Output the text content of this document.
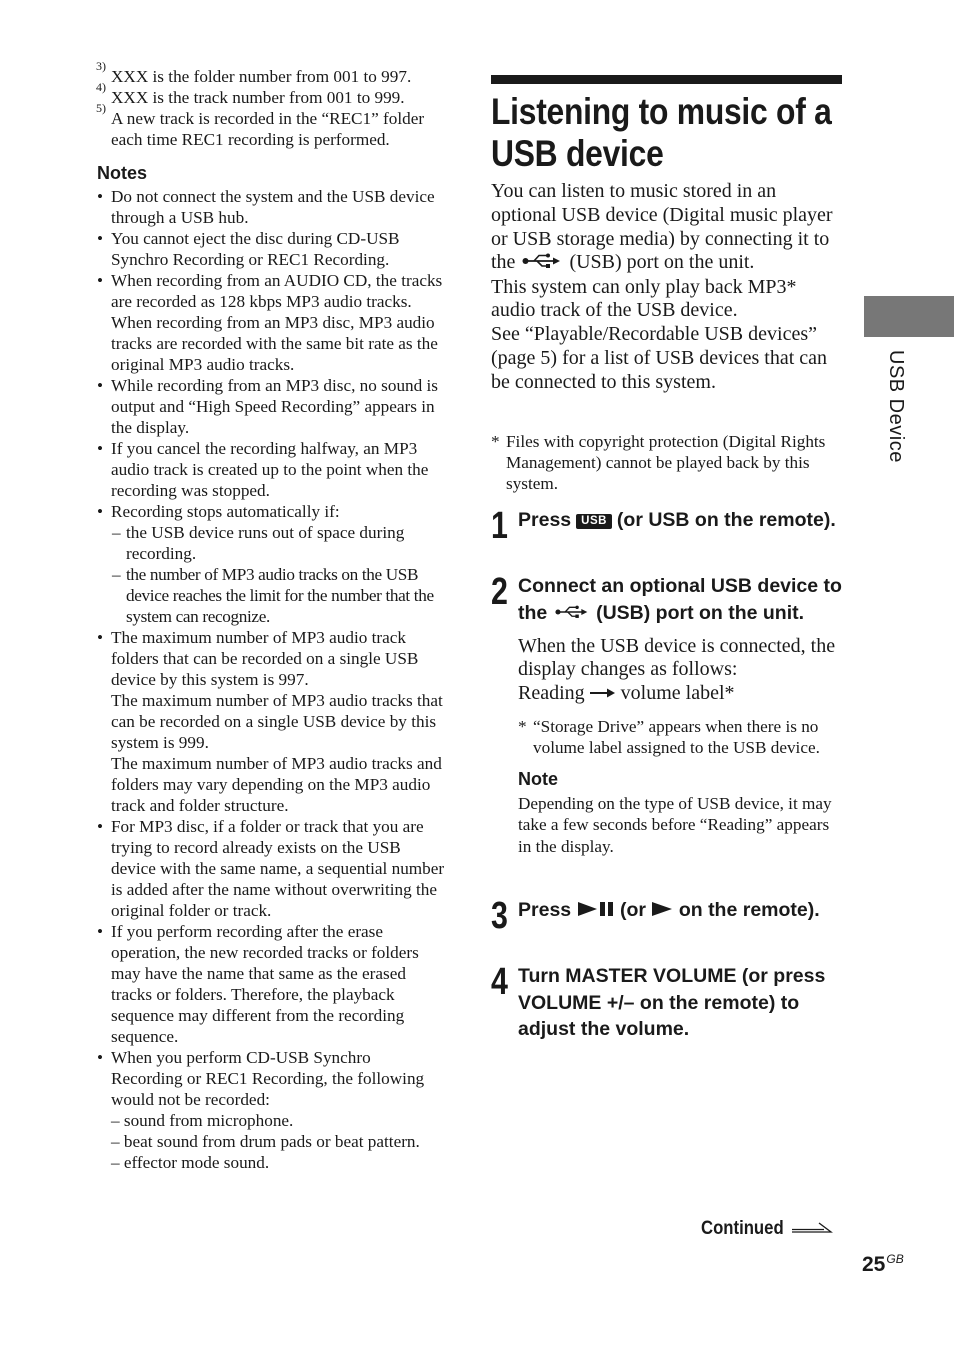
3)
XXX is the folder number from 001 to 997.
4)
XXX is the track number from 001 to 999.
5)
A new track is recorded in the “REC1” folder each time REC1 recording is performed.
Notes
• Do not connect the system and the USB device through a USB hub.
• You cannot eject the disc during CD-USB Synchro Recording or REC1 Recording.
• When recording from an AUDIO CD, the tracks are recorded as 128 kbps MP3 audio tracks.
When recording from an MP3 disc, MP3 audio tracks are recorded with the same bit rate as the original MP3 audio tracks.
• While recording from an MP3 disc, no sound is output and “High Speed Recording” appears in the display.
• If you cancel the recording halfway, an MP3 audio track is created up to the point when the recording was stopped.
• Recording stops automatically if:
– the USB device runs out of space during recording.
– the number of MP3 audio tracks on the USB device reaches the limit for the number that the system can recognize.
• The maximum number of MP3 audio track folders that can be recorded on a single USB device by this system is 997.
The maximum number of MP3 audio tracks that can be recorded on a single USB device by this system is 999.
The maximum number of MP3 audio tracks and folders may vary depending on the MP3 audio track and folder structure.
• For MP3 disc, if a folder or track that you are trying to record already exists on the USB device with the same name, a sequential number is added after the name without overwriting the original folder or track.
• If you perform recording after the erase operation, the new recorded tracks or folders may have the name that same as the erased tracks or folders. Therefore, the playback sequence may different from the recording sequence.
• When you perform CD-USB Synchro Recording or REC1 Recording, the following would not be recorded:
– sound from microphone.
– beat sound from drum pads or beat pattern.
– effector mode sound.
Listening to music of a
USB device
You can listen to music stored in an optional USB device (Digital music player or USB storage media) by connecting it to the	(USB) port on the unit.
This system can only play back MP3* audio track of the USB device.
See “Playable/Recordable USB devices” (page 5) for a list of USB devices that can be connected to this system.
* Files with copyright protection (Digital Rights Management) cannot be played back by this system.
1 Press USB (or USB on the remote).
2 Connect an optional USB device to the	(USB) port on the unit.
When the USB device is connected, the display changes as follows:
Reading volume label*
* “Storage Drive” appears when there is no volume label assigned to the USB device.
Note
Depending on the type of USB device, it may take a few seconds before “Reading” appears in the display.
3 Press	(or on the remote).
4 Turn MASTER VOLUME (or press VOLUME +/– on the remote) to adjust the volume.
USB Device
Continued
$25^{GB}$
